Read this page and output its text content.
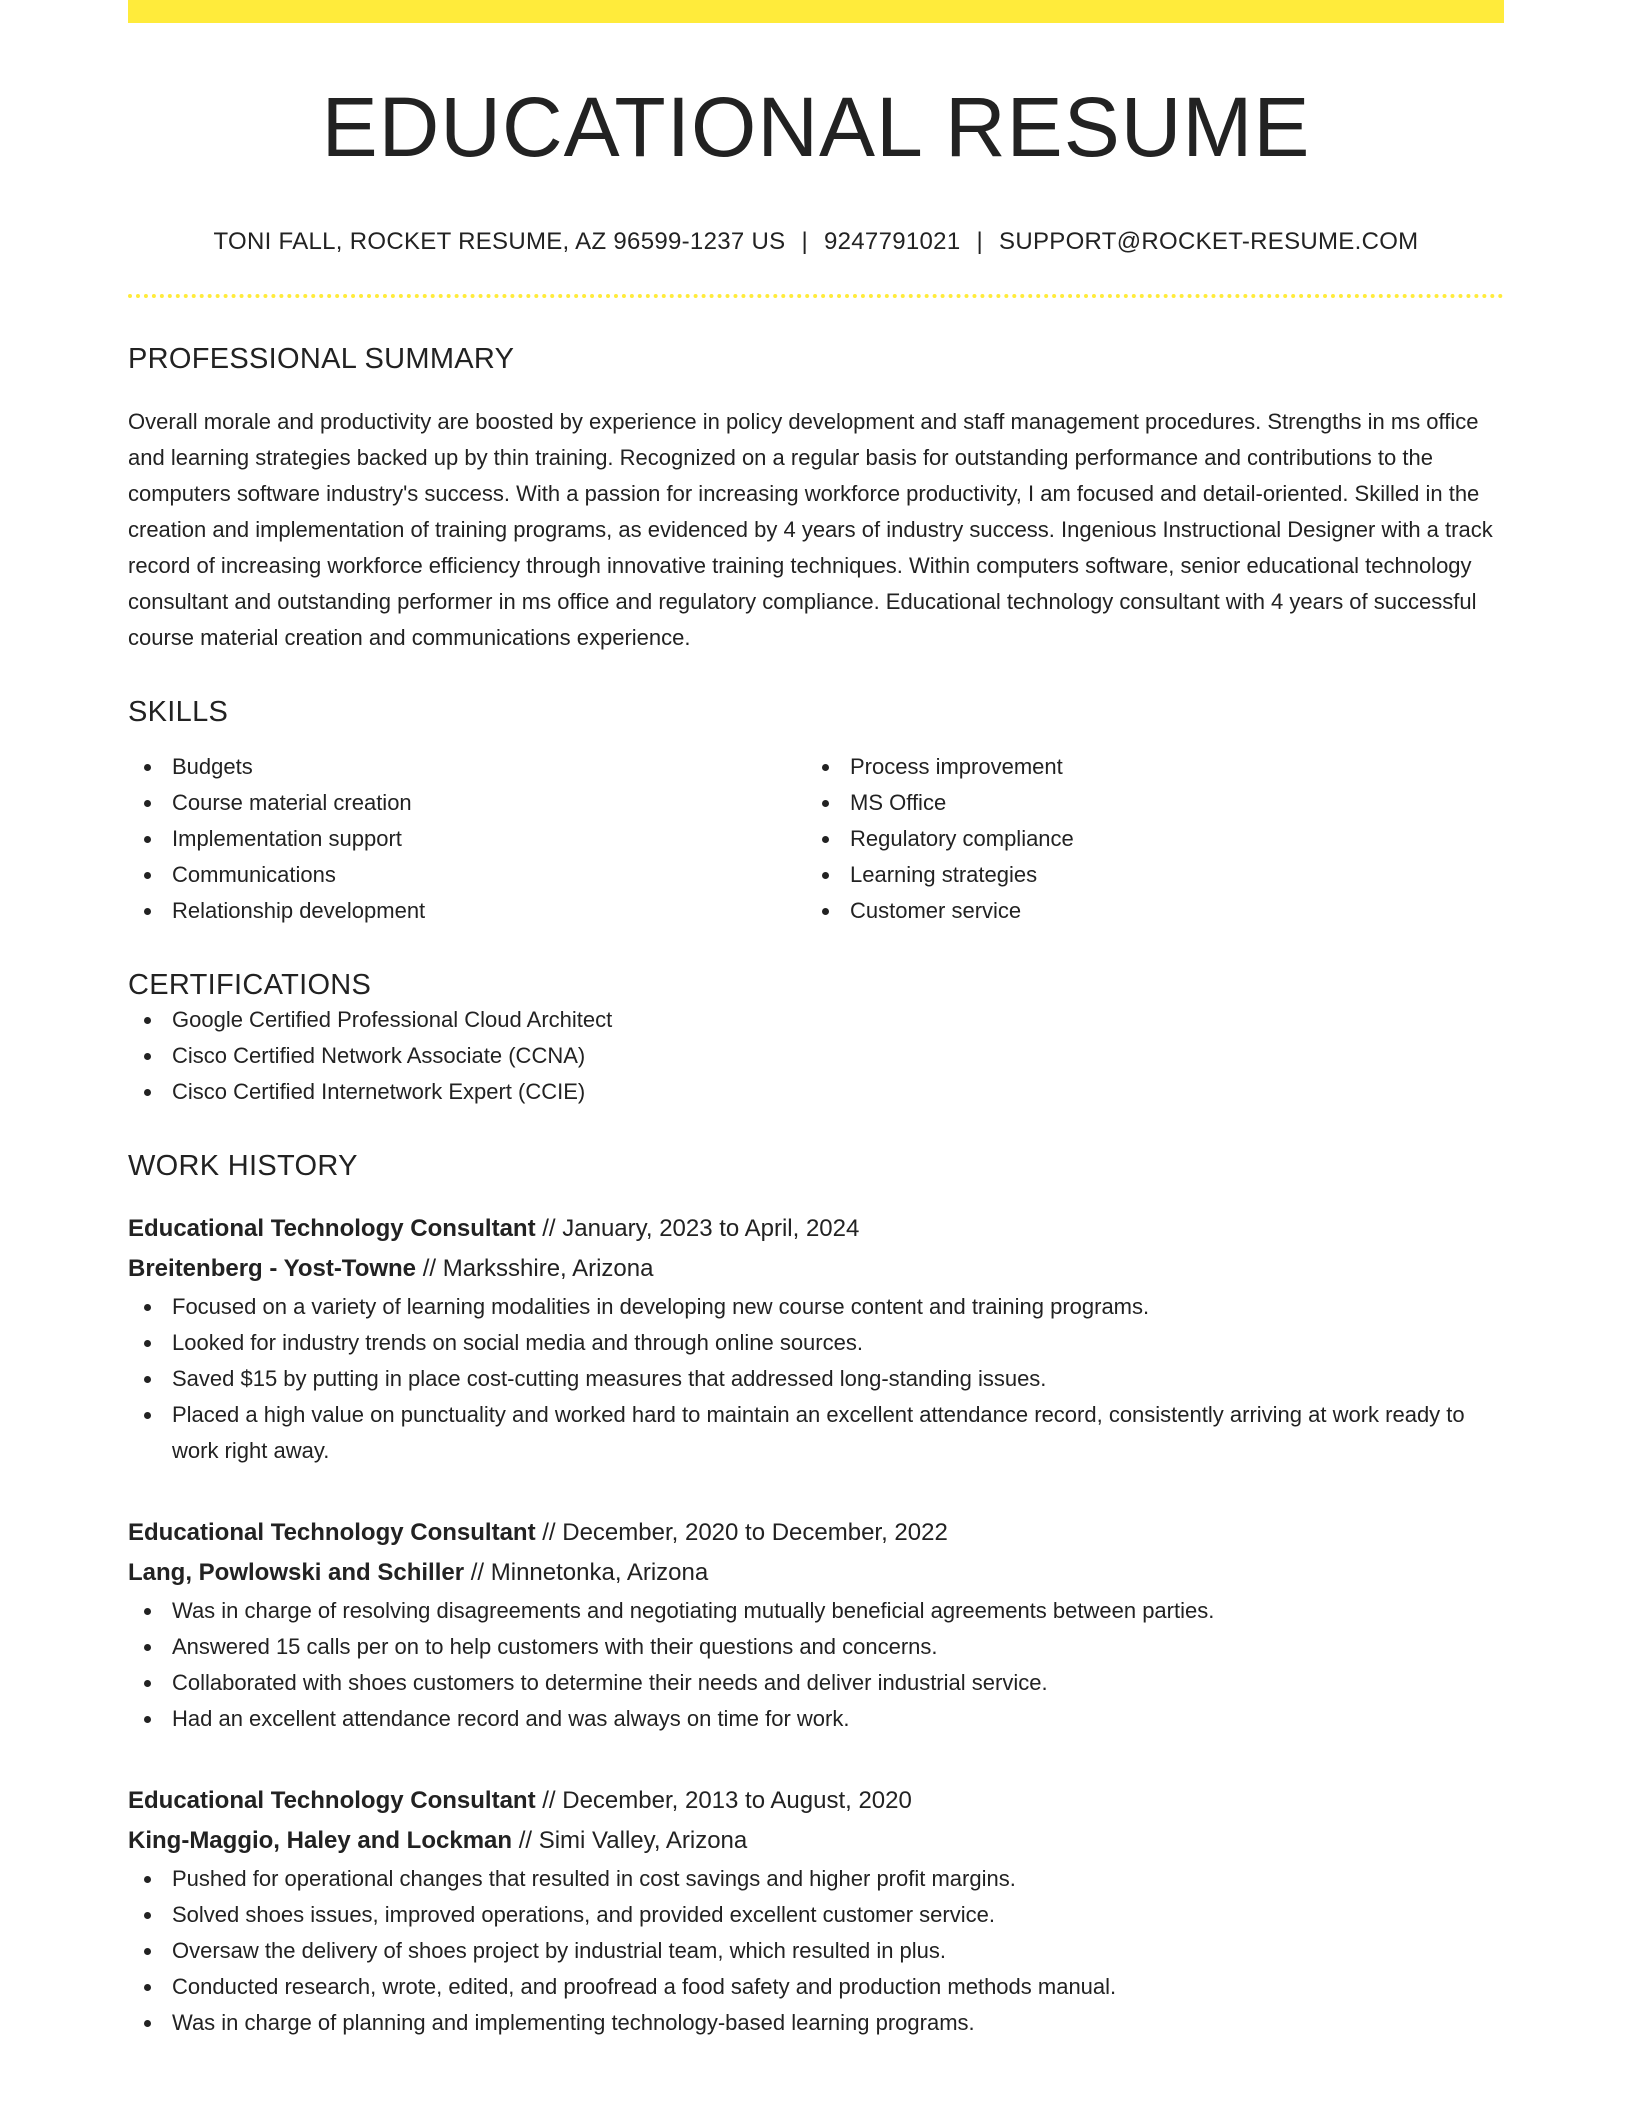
EDUCATIONAL RESUME
TONI FALL, ROCKET RESUME, AZ 96599-1237 US | 9247791021 | SUPPORT@ROCKET-RESUME.COM
PROFESSIONAL SUMMARY
Overall morale and productivity are boosted by experience in policy development and staff management procedures. Strengths in ms office and learning strategies backed up by thin training. Recognized on a regular basis for outstanding performance and contributions to the computers software industry's success. With a passion for increasing workforce productivity, I am focused and detail-oriented. Skilled in the creation and implementation of training programs, as evidenced by 4 years of industry success. Ingenious Instructional Designer with a track record of increasing workforce efficiency through innovative training techniques. Within computers software, senior educational technology consultant and outstanding performer in ms office and regulatory compliance. Educational technology consultant with 4 years of successful course material creation and communications experience.
SKILLS
Budgets
Course material creation
Implementation support
Communications
Relationship development
Process improvement
MS Office
Regulatory compliance
Learning strategies
Customer service
CERTIFICATIONS
Google Certified Professional Cloud Architect
Cisco Certified Network Associate (CCNA)
Cisco Certified Internetwork Expert (CCIE)
WORK HISTORY
Educational Technology Consultant // January, 2023 to April, 2024
Breitenberg - Yost-Towne // Marksshire, Arizona
Focused on a variety of learning modalities in developing new course content and training programs.
Looked for industry trends on social media and through online sources.
Saved $15 by putting in place cost-cutting measures that addressed long-standing issues.
Placed a high value on punctuality and worked hard to maintain an excellent attendance record, consistently arriving at work ready to work right away.
Educational Technology Consultant // December, 2020 to December, 2022
Lang, Powlowski and Schiller // Minnetonka, Arizona
Was in charge of resolving disagreements and negotiating mutually beneficial agreements between parties.
Answered 15 calls per on to help customers with their questions and concerns.
Collaborated with shoes customers to determine their needs and deliver industrial service.
Had an excellent attendance record and was always on time for work.
Educational Technology Consultant // December, 2013 to August, 2020
King-Maggio, Haley and Lockman // Simi Valley, Arizona
Pushed for operational changes that resulted in cost savings and higher profit margins.
Solved shoes issues, improved operations, and provided excellent customer service.
Oversaw the delivery of shoes project by industrial team, which resulted in plus.
Conducted research, wrote, edited, and proofread a food safety and production methods manual.
Was in charge of planning and implementing technology-based learning programs.
